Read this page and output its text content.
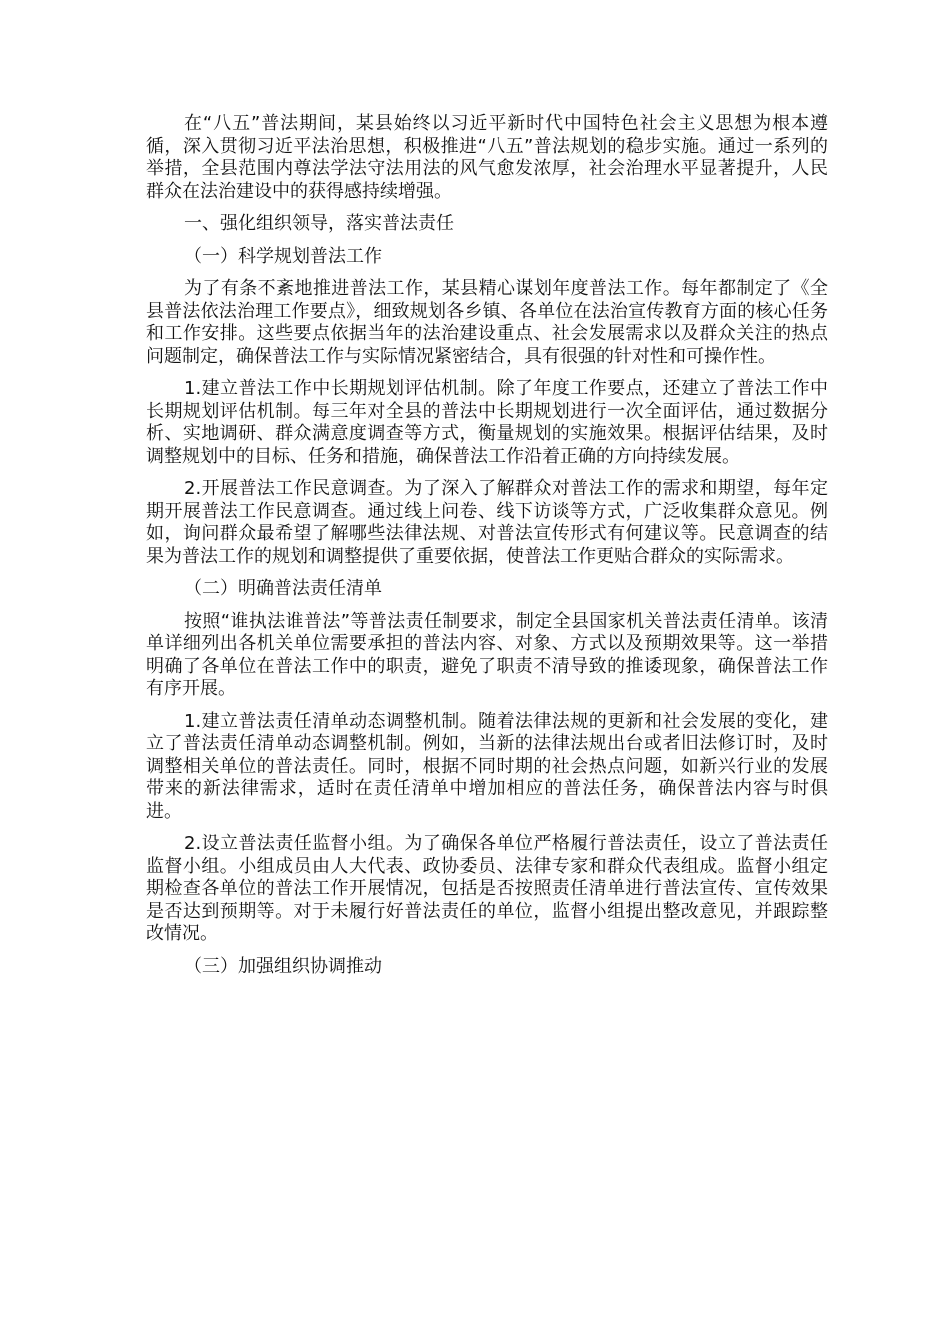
在“八五”普法期间，某县始终以习近平新时代中国特色社会主义思想为根本遵循，深入贯彻习近平法治思想，积极推进“八五”普法规划的稳步实施。通过一系列的举措，全县范围内尊法学法守法用法的风气愈发浓厚，社会治理水平显著提升，人民群众在法治建设中的获得感持续增强。

一、强化组织领导，落实普法责任

（一）科学规划普法工作

为了有条不紊地推进普法工作，某县精心谋划年度普法工作。每年都制定了《全县普法依法治理工作要点》，细致规划各乡镇、各单位在法治宣传教育方面的核心任务和工作安排。这些要点依据当年的法治建设重点、社会发展需求以及群众关注的热点问题制定，确保普法工作与实际情况紧密结合，具有很强的针对性和可操作性。

1.建立普法工作中长期规划评估机制。除了年度工作要点，还建立了普法工作中长期规划评估机制。每三年对全县的普法中长期规划进行一次全面评估，通过数据分析、实地调研、群众满意度调查等方式，衡量规划的实施效果。根据评估结果，及时调整规划中的目标、任务和措施，确保普法工作沿着正确的方向持续发展。

2.开展普法工作民意调查。为了深入了解群众对普法工作的需求和期望，每年定期开展普法工作民意调查。通过线上问卷、线下访谈等方式，广泛收集群众意见。例如，询问群众最希望了解哪些法律法规、对普法宣传形式有何建议等。民意调查的结果为普法工作的规划和调整提供了重要依据，使普法工作更贴合群众的实际需求。

（二）明确普法责任清单

按照“谁执法谁普法”等普法责任制要求，制定全县国家机关普法责任清单。该清单详细列出各机关单位需要承担的普法内容、对象、方式以及预期效果等。这一举措明确了各单位在普法工作中的职责，避免了职责不清导致的推诿现象，确保普法工作有序开展。

1.建立普法责任清单动态调整机制。随着法律法规的更新和社会发展的变化，建立了普法责任清单动态调整机制。例如，当新的法律法规出台或者旧法修订时，及时调整相关单位的普法责任。同时，根据不同时期的社会热点问题，如新兴行业的发展带来的新法律需求，适时在责任清单中增加相应的普法任务，确保普法内容与时俱进。

2.设立普法责任监督小组。为了确保各单位严格履行普法责任，设立了普法责任监督小组。小组成员由人大代表、政协委员、法律专家和群众代表组成。监督小组定期检查各单位的普法工作开展情况，包括是否按照责任清单进行普法宣传、宣传效果是否达到预期等。对于未履行好普法责任的单位，监督小组提出整改意见，并跟踪整改情况。

（三）加强组织协调推动
